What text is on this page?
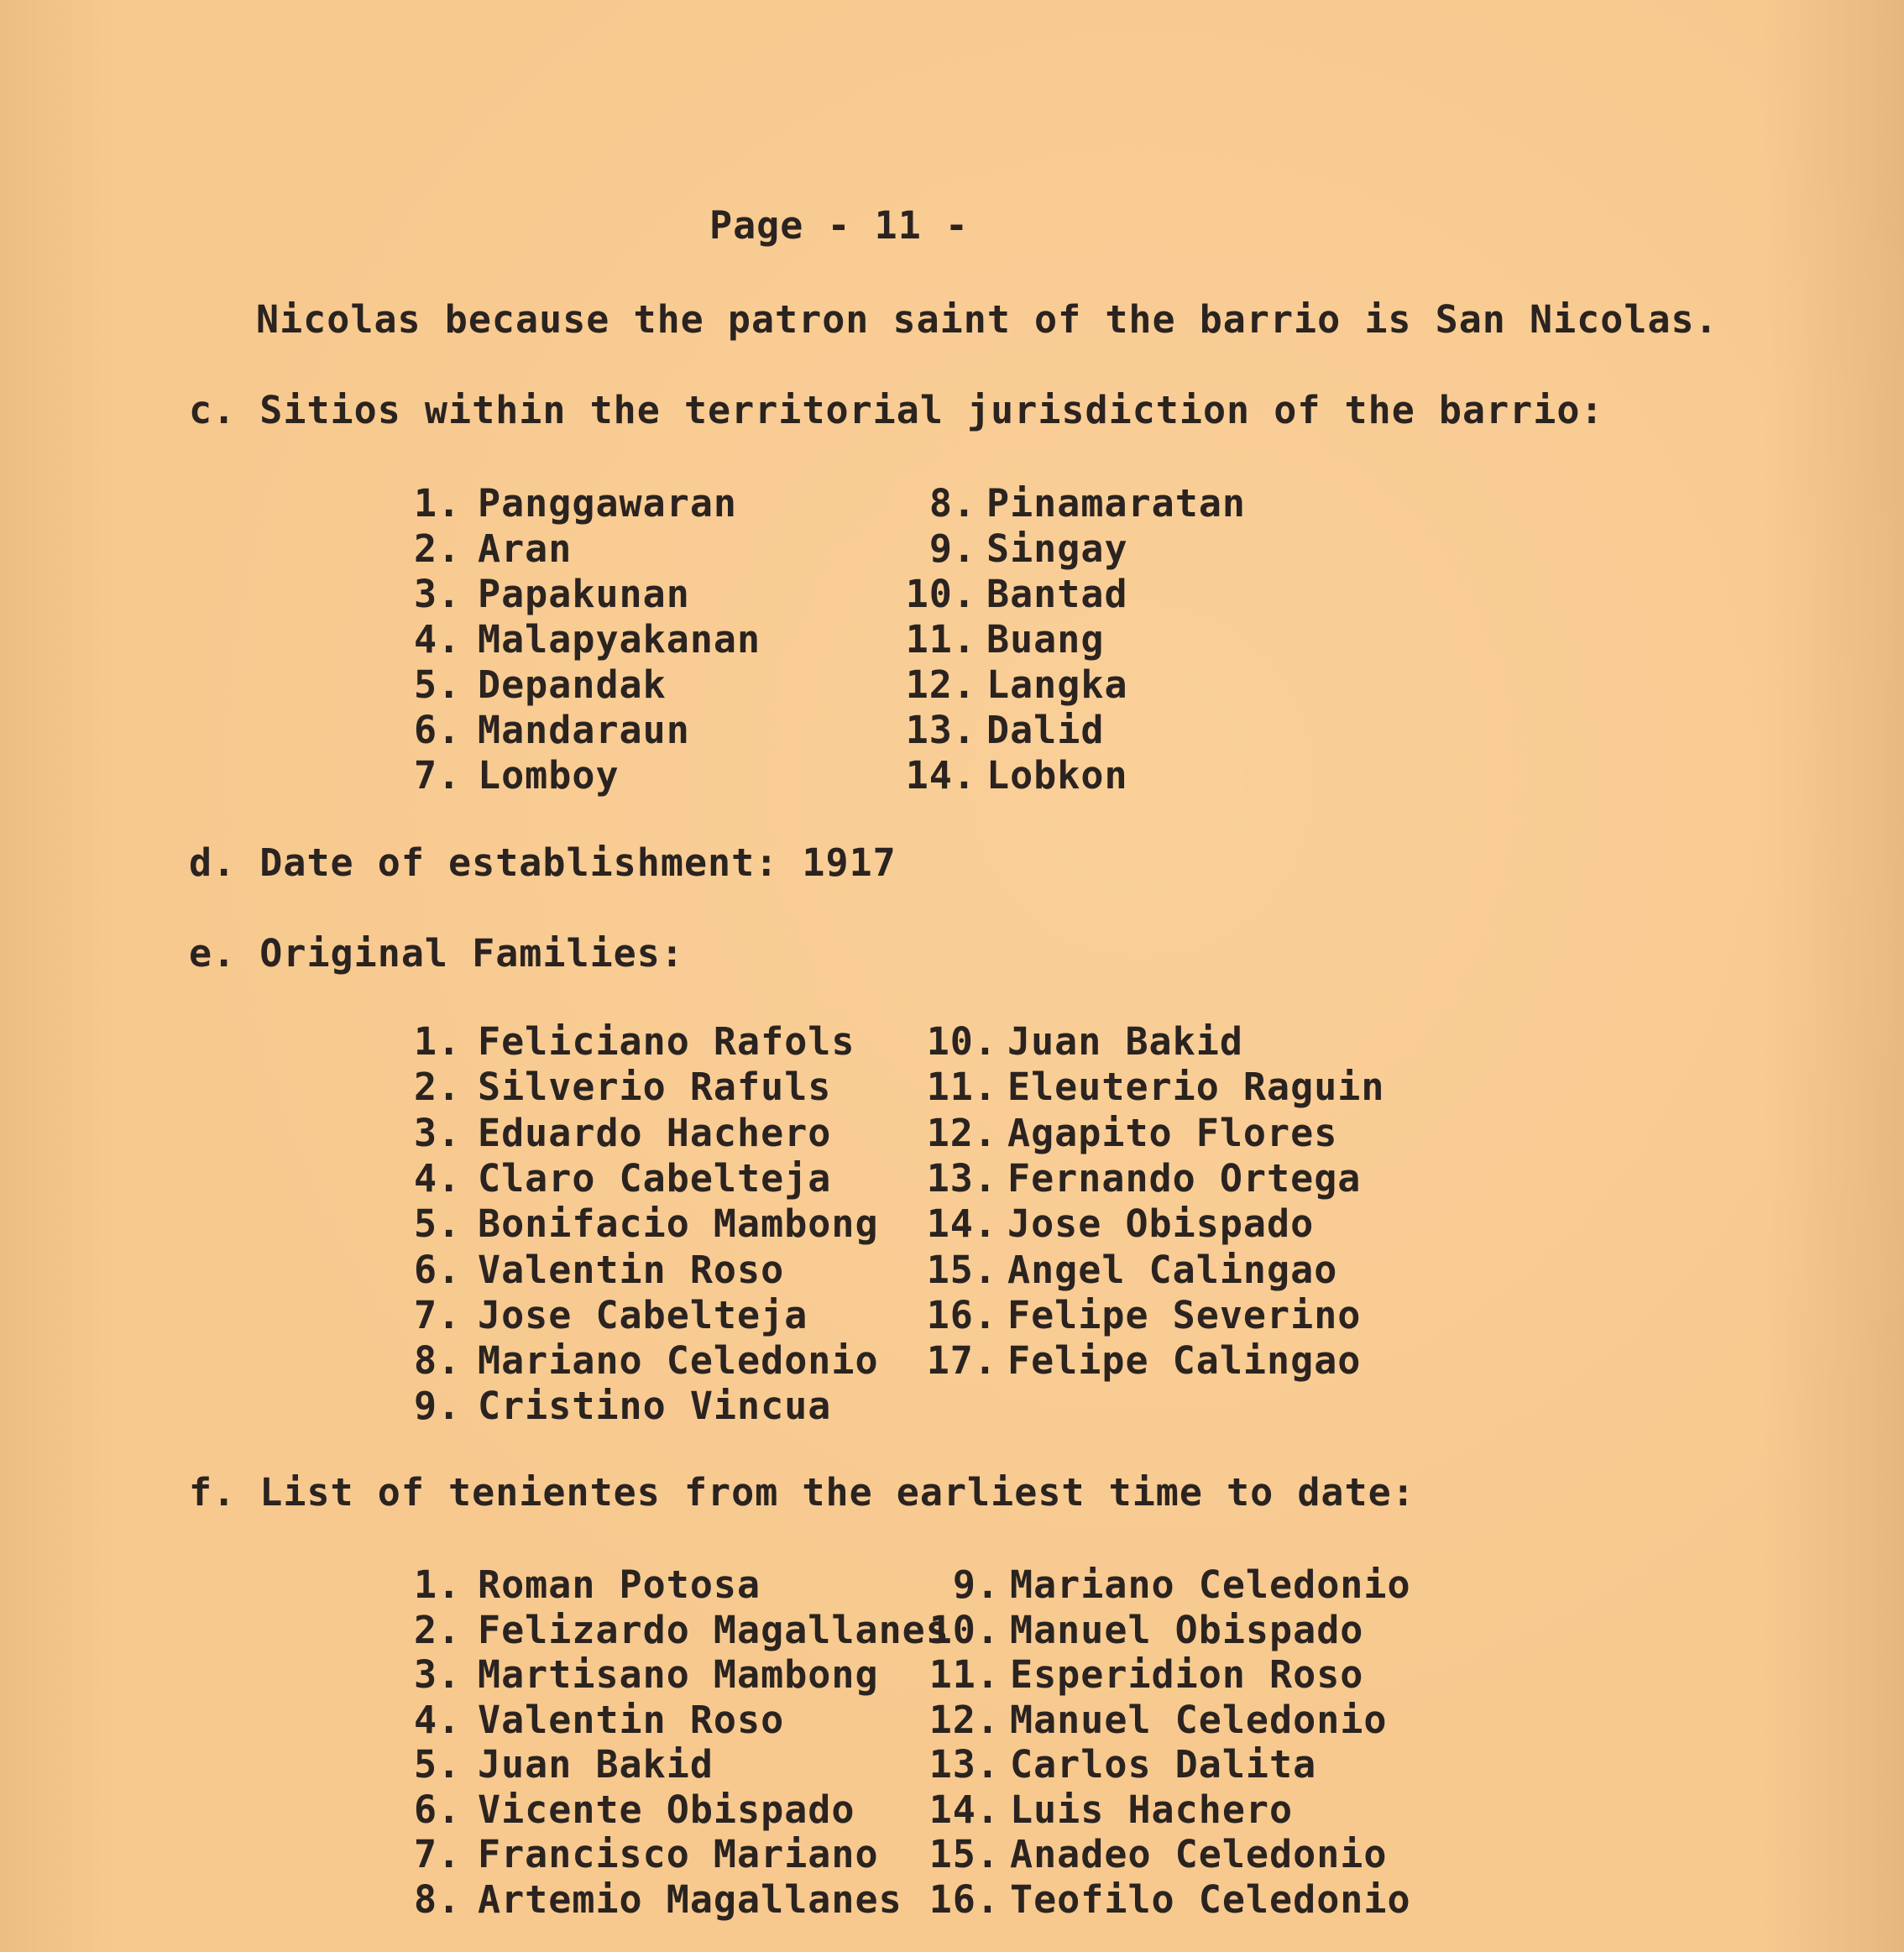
Page - 11 -
Nicolas because the patron saint of the barrio is San Nicolas.
c. Sitios within the territorial jurisdiction of the barrio:
d. Date of establishment: 1917
e. Original Families:
f. List of tenientes from the earliest time to date:
1. Panggawaran
2. Aran
3. Papakunan
4. Malapyakanan
5. Depandak
6. Mandaraun
7. Lomboy
8. Pinamaratan
9. Singay
10. Bantad
11. Buang
12. Langka
13. Dalid
14. Lobkon
1. Feliciano Rafols
2. Silverio Rafuls
3. Eduardo Hachero
4. Claro Cabelteja
5. Bonifacio Mambong
6. Valentin Roso
7. Jose Cabelteja
8. Mariano Celedonio
9. Cristino Vincua
10. Juan Bakid
11. Eleuterio Raguin
12. Agapito Flores
13. Fernando Ortega
14. Jose Obispado
15. Angel Calingao
16. Felipe Severino
17. Felipe Calingao
1. Roman Potosa
2. Felizardo Magallanes
3. Martisano Mambong
4. Valentin Roso
5. Juan Bakid
6. Vicente Obispado
7. Francisco Mariano
8. Artemio Magallanes
9. Mariano Celedonio
10. Manuel Obispado
11. Esperidion Roso
12. Manuel Celedonio
13. Carlos Dalita
14. Luis Hachero
15. Anadeo Celedonio
16. Teofilo Celedonio
